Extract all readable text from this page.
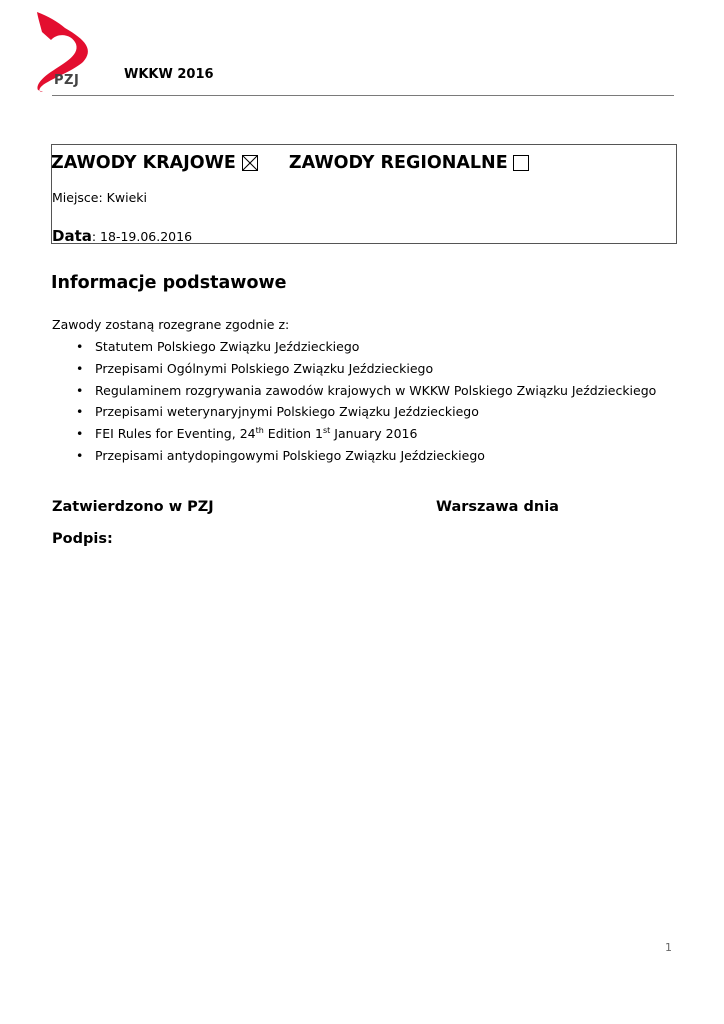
PZJ	WKKW 2016
ZAWODY KRAJOWE	ZAWODY REGIONALNE
Miejsce: Kwieki
Data: 18-19.06.2016
Informacje podstawowe
Zawody zostaną rozegrane zgodnie z:
• Statutem Polskiego Związku Jeździeckiego
• Przepisami Ogólnymi Polskiego Związku Jeździeckiego
• Regulaminem rozgrywania zawodów krajowych w WKKW Polskiego Związku Jeździeckiego
• Przepisami weterynaryjnymi Polskiego Związku Jeździeckiego
• FEI Rules for Eventing, 24th Edition 1st January 2016
• Przepisami antydopingowymi Polskiego Związku Jeździeckiego
Zatwierdzono w PZJ	Warszawa dnia
Podpis:
1
